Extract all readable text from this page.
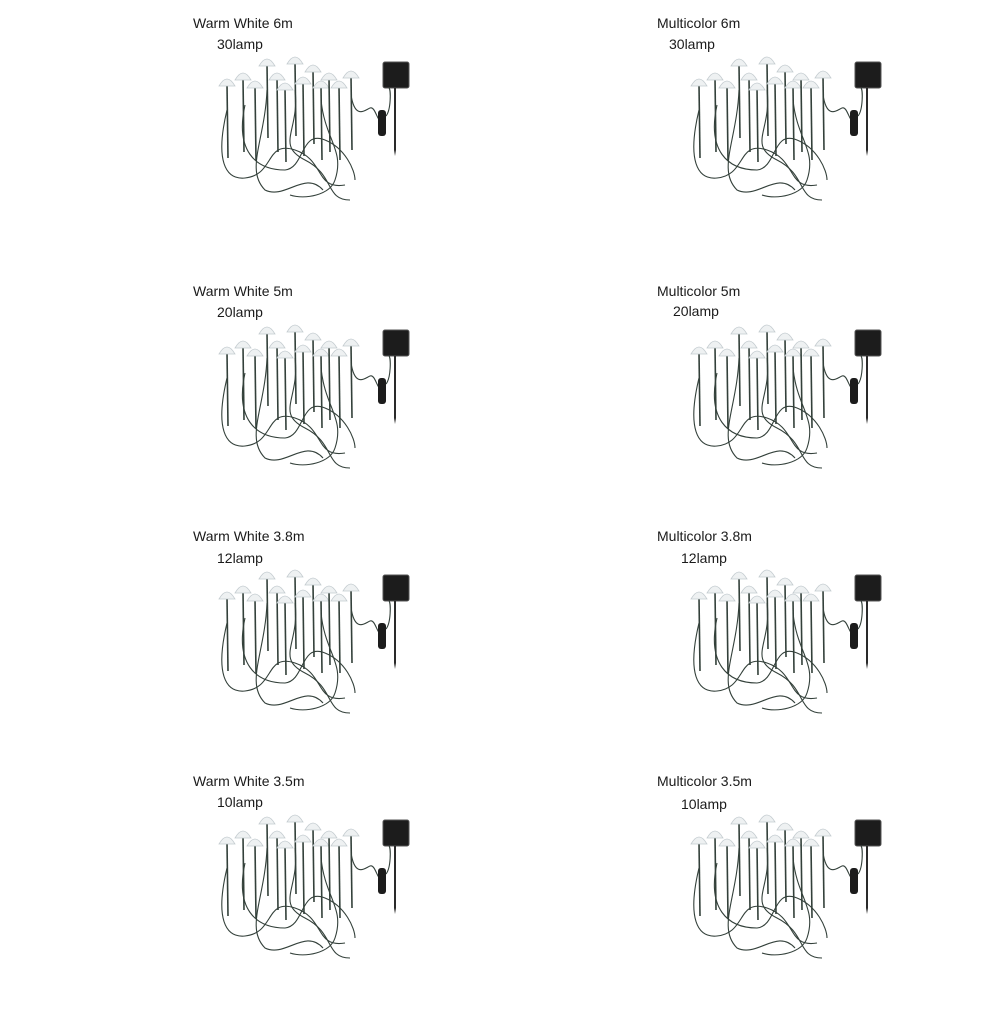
Warm White 6m
30lamp
Warm White 5m
20lamp
Warm White 3.8m
12lamp
Warm White 3.5m
10lamp
Multicolor 6m
30lamp
Multicolor 5m
20lamp
Multicolor 3.8m
12lamp
Multicolor 3.5m
10lamp
